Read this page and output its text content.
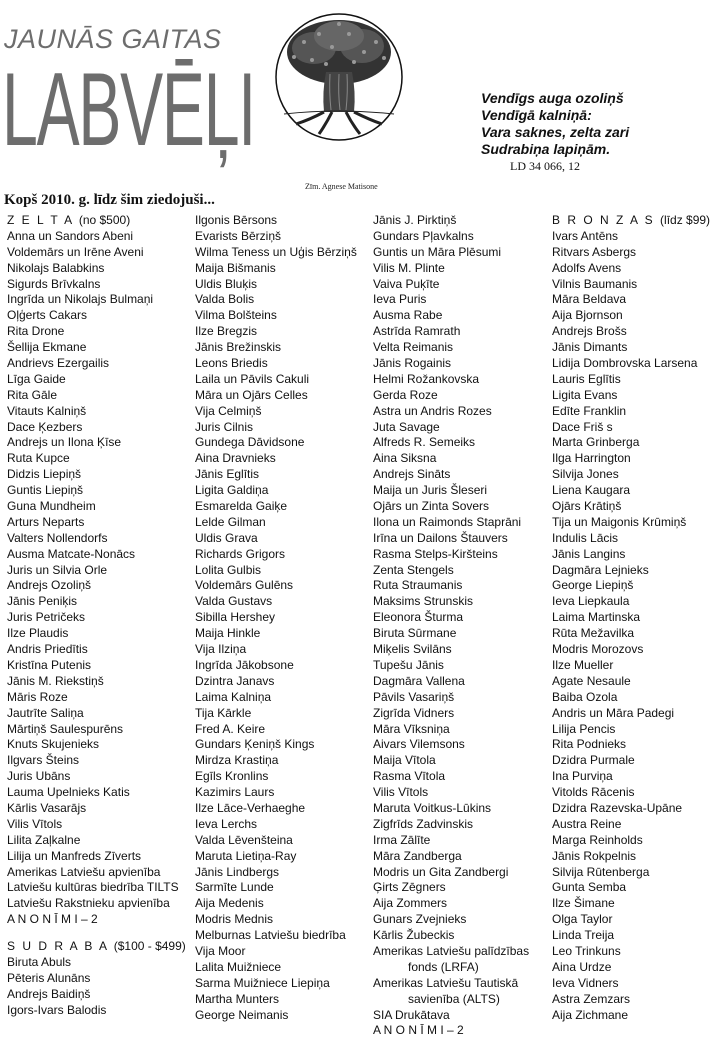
JAUNĀS GAITAS
LABVĒĻI
Zīm. Agnese Matisone
Vendīgs auga ozoliņš
Vendīgā kalniņā:
Vara saknes, zelta zari
Sudrabiņa lapiņām.
LD 34 066, 12
Kopš 2010. g. līdz šim ziedojuši...
Z E L T A (no $500)
Anna un Sandors Abeni
Voldemārs un Irēne Aveni
Nikolajs Balabkins
Sigurds Brīvkalns
Ingrīda un Nikolajs Bulmaņi
Oļģerts Cakars
Rita Drone
Šellija Ekmane
Andrievs Ezergailis
Līga Gaide
Rita Gāle
Vitauts Kalniņš
Dace Ķezbers
Andrejs un Ilona Ķīse
Ruta Kupce
Didzis Liepiņš
Guntis Liepiņš
Guna Mundheim
Arturs Neparts
Valters Nollendorfs
Ausma Matcate-Nonācs
Juris un Silvia Orle
Andrejs Ozoliņš
Jānis Peniķis
Juris Petričeks
Ilze Plaudis
Andris Priedītis
Kristīna Putenis
Jānis M. Riekstiņš
Māris Roze
Jautrīte Saliņa
Mārtiņš Saulespurēns
Knuts Skujenieks
Ilgvars Šteins
Juris Ubāns
Lauma Upelnieks Katis
Kārlis Vasarājs
Vilis Vītols
Lilita Zaļkalne
Lilija un Manfreds Zīverts
Amerikas Latviešu apvienība
Latviešu kultūras biedrība TILTS
Latviešu Rakstnieku apvienība
A N O N Ī M I – 2
S U D R A B A ($100 - $499)
Biruta Abuls
Pēteris Alunāns
Andrejs Baidiņš
Igors-Ivars Balodis
Ilgonis Bērsons
Evarists Bērziņš
Wilma Teness un Uģis Bērziņš
Maija Bišmanis
Uldis Bluķis
Valda Bolis
Vilma Bolšteins
Ilze Bregzis
Jānis Brežinskis
Leons Briedis
Laila un Pāvils Cakuli
Māra un Ojārs Celles
Vija Celmiņš
Juris Cilnis
Gundega Dāvidsone
Aina Dravnieks
Jānis Eglītis
Ligita Galdiņa
Esmarelda Gaiķe
Lelde Gilman
Uldis Grava
Richards Grigors
Lolita Gulbis
Voldemārs Gulēns
Valda Gustavs
Sibilla Hershey
Maija Hinkle
Vija Ilziņa
Ingrīda Jākobsone
Dzintra Janavs
Laima Kalniņa
Tija Kārkle
Fred A. Keire
Gundars Ķeniņš Kings
Mirdza Krastiņa
Egīls Kronlins
Kazimirs Laurs
Ilze Lāce-Verhaeghe
Ieva Lerchs
Valda Lēvenšteina
Maruta Lietiņa-Ray
Jānis Lindbergs
Sarmīte Lunde
Aija Medenis
Modris Mednis
Melburnas Latviešu biedrība
Vija Moor
Lalita Muižniece
Sarma Muižniece Liepiņa
Martha Munters
George Neimanis
Jānis J. Pirktiņš
Gundars Pļavkalns
Guntis un Māra Plēsumi
Vilis M. Plinte
Vaiva Puķīte
Ieva Puris
Ausma Rabe
Astrīda Ramrath
Velta Reimanis
Jānis Rogainis
Helmi Rožankovska
Gerda Roze
Astra un Andris Rozes
Juta Savage
Alfreds R. Semeiks
Aina Siksna
Andrejs Sināts
Maija un Juris Šleseri
Ojārs un Zinta Sovers
Ilona un Raimonds Staprāni
Irīna un Dailons Štauvers
Rasma Stelps-Kiršteins
Zenta Stengels
Ruta Straumanis
Maksims Strunskis
Eleonora Šturma
Biruta Sūrmane
Miķelis Svilāns
Tupešu Jānis
Dagmāra Vallena
Pāvils Vasariņš
Zigrīda Vidners
Māra Vīksniņa
Aivars Vilemsons
Maija Vītola
Rasma Vītola
Vilis Vītols
Maruta Voitkus-Lūkins
Zigfrīds Zadvinskis
Irma Zālīte
Māra Zandberga
Modris un Gita Zandbergi
Ģirts Zēgners
Aija Zommers
Gunars Zvejnieks
Kārlis Žubeckis
Amerikas Latviešu palīdzības
fonds (LRFA)
Amerikas Latviešu Tautiskā
savienība (ALTS)
SIA Drukātava
A N O N Ī M I – 2
B R O N Z A S (līdz $99)
Ivars Antēns
Ritvars Asbergs
Adolfs Avens
Vilnis Baumanis
Māra Beldava
Aija Bjornson
Andrejs Brošs
Jānis Dimants
Lidija Dombrovska Larsena
Lauris Eglītis
Ligita Evans
Edīte Franklin
Dace Friš s
Marta Grinberga
Ilga Harrington
Silvija Jones
Liena Kaugara
Ojārs Krātiņš
Tija un Maigonis Krūmiņš
Indulis Lācis
Jānis Langins
Dagmāra Lejnieks
George Liepiņš
Ieva Liepkaula
Laima Martinska
Rūta Mežavilka
Modris Morozovs
Ilze Mueller
Agate Nesaule
Baiba Ozola
Andris un Māra Padegi
Lilija Pencis
Rita Podnieks
Dzidra Purmale
Ina Purviņa
Vitolds Rācenis
Dzidra Razevska-Upāne
Austra Reine
Marga Reinholds
Jānis Rokpelnis
Silvija Rūtenberga
Gunta Semba
Ilze Šimane
Olga Taylor
Linda Treija
Leo Trinkuns
Aina Urdze
Ieva Vidners
Astra Zemzars
Aija Zichmane
